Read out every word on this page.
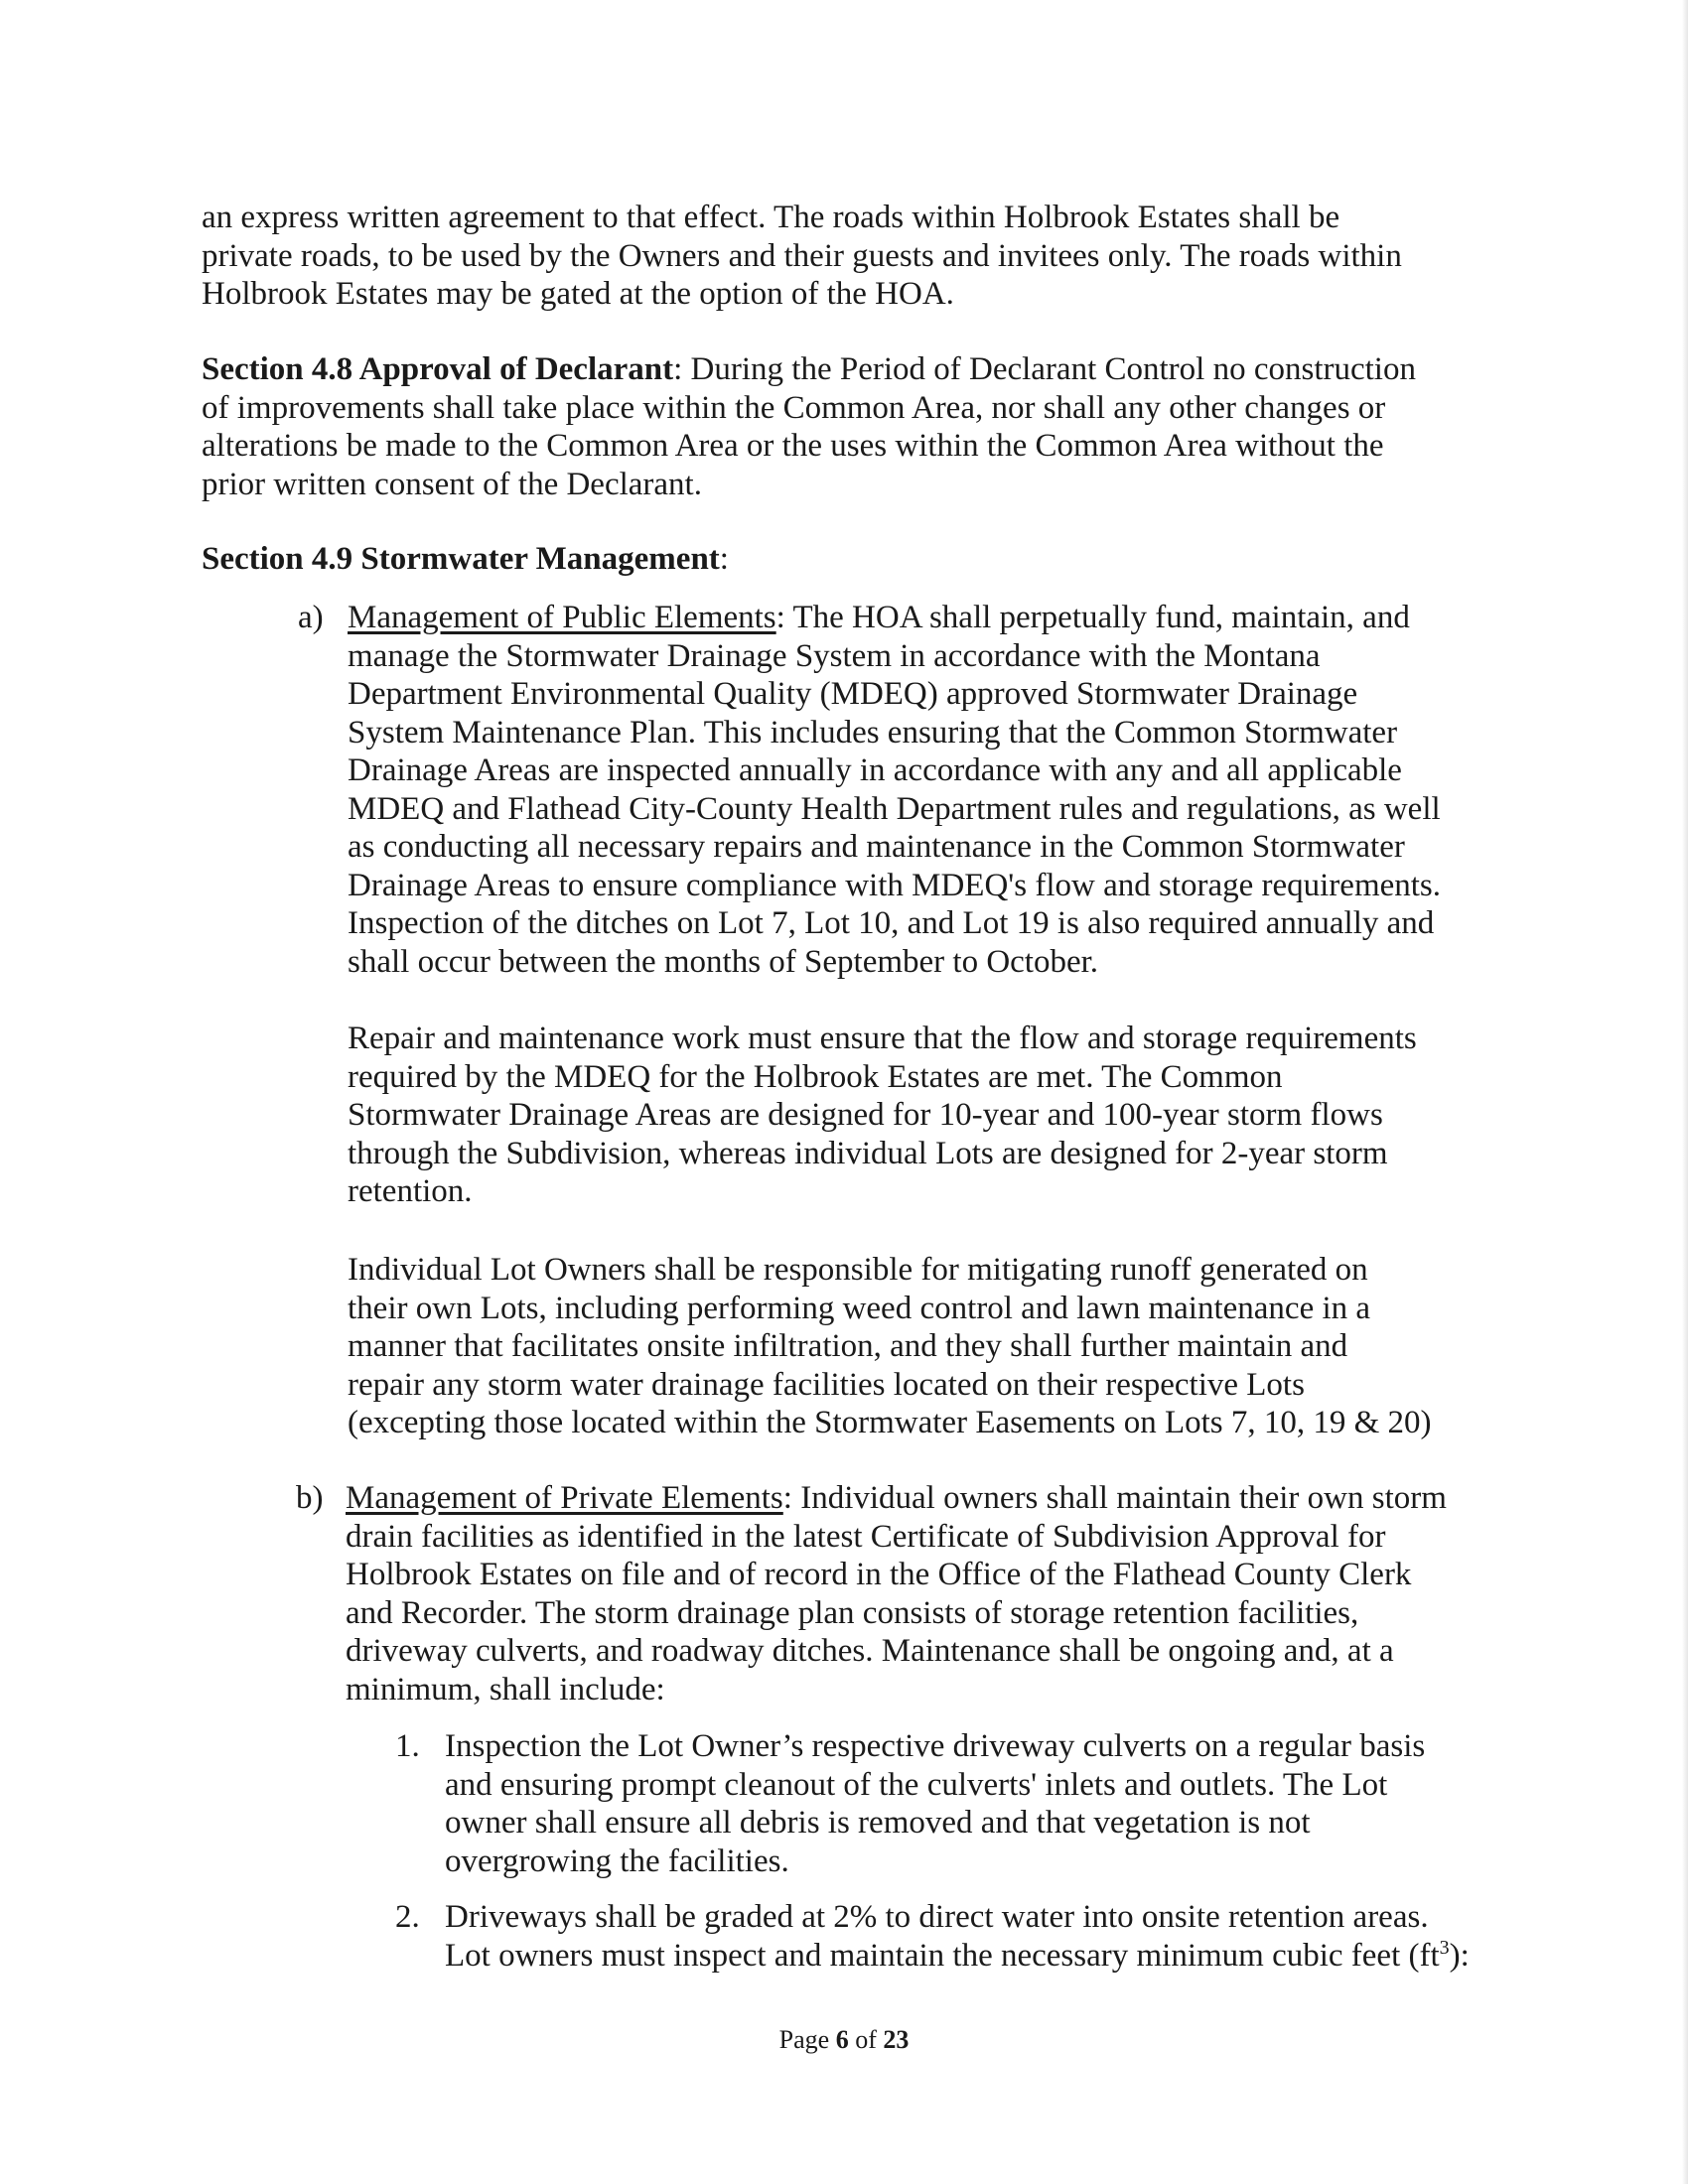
an express written agreement to that effect. The roads within Holbrook Estates shall be
private roads, to be used by the Owners and their guests and invitees only. The roads within
Holbrook Estates may be gated at the option of the HOA.

Section 4.8 Approval of Declarant: During the Period of Declarant Control no construction
of improvements shall take place within the Common Area, nor shall any other changes or
alterations be made to the Common Area or the uses within the Common Area without the
prior written consent of the Declarant.

Section 4.9 Stormwater Management:

a) Management of Public Elements: The HOA shall perpetually fund, maintain, and
manage the Stormwater Drainage System in accordance with the Montana
Department Environmental Quality (MDEQ) approved Stormwater Drainage
System Maintenance Plan. This includes ensuring that the Common Stormwater
Drainage Areas are inspected annually in accordance with any and all applicable
MDEQ and Flathead City-County Health Department rules and regulations, as well
as conducting all necessary repairs and maintenance in the Common Stormwater
Drainage Areas to ensure compliance with MDEQ's flow and storage requirements.
Inspection of the ditches on Lot 7, Lot 10, and Lot 19 is also required annually and
shall occur between the months of September to October.

Repair and maintenance work must ensure that the flow and storage requirements
required by the MDEQ for the Holbrook Estates are met. The Common
Stormwater Drainage Areas are designed for 10-year and 100-year storm flows
through the Subdivision, whereas individual Lots are designed for 2-year storm
retention.

Individual Lot Owners shall be responsible for mitigating runoff generated on
their own Lots, including performing weed control and lawn maintenance in a
manner that facilitates onsite infiltration, and they shall further maintain and
repair any storm water drainage facilities located on their respective Lots
(excepting those located within the Stormwater Easements on Lots 7, 10, 19 & 20)

b) Management of Private Elements: Individual owners shall maintain their own storm
drain facilities as identified in the latest Certificate of Subdivision Approval for
Holbrook Estates on file and of record in the Office of the Flathead County Clerk
and Recorder. The storm drainage plan consists of storage retention facilities,
driveway culverts, and roadway ditches. Maintenance shall be ongoing and, at a
minimum, shall include:

1. Inspection the Lot Owner’s respective driveway culverts on a regular basis
and ensuring prompt cleanout of the culverts' inlets and outlets. The Lot
owner shall ensure all debris is removed and that vegetation is not
overgrowing the facilities.

2. Driveways shall be graded at 2% to direct water into onsite retention areas.
Lot owners must inspect and maintain the necessary minimum cubic feet $(ft^3)$:

Page 6 of 23
